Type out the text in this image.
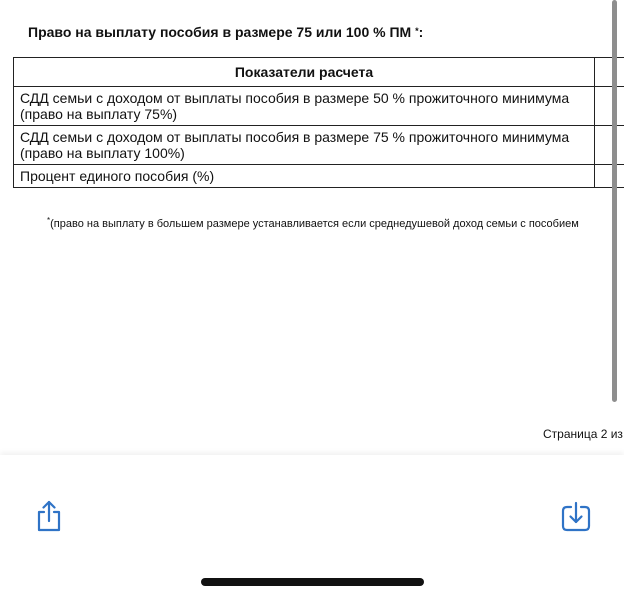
Право на выплату пособия в размере 75 или 100 % ПМ *:
Показатели расчета	
СДД семьи с доходом от выплаты пособия в размере 50 % прожиточного минимума (право на выплату 75%)	
СДД семьи с доходом от выплаты пособия в размере 75 % прожиточного минимума (право на выплату 100%)	
Процент единого пособия (%)	
*(право на выплату в большем размере устанавливается если среднедушевой доход семьи с пособием
Страница 2 из
